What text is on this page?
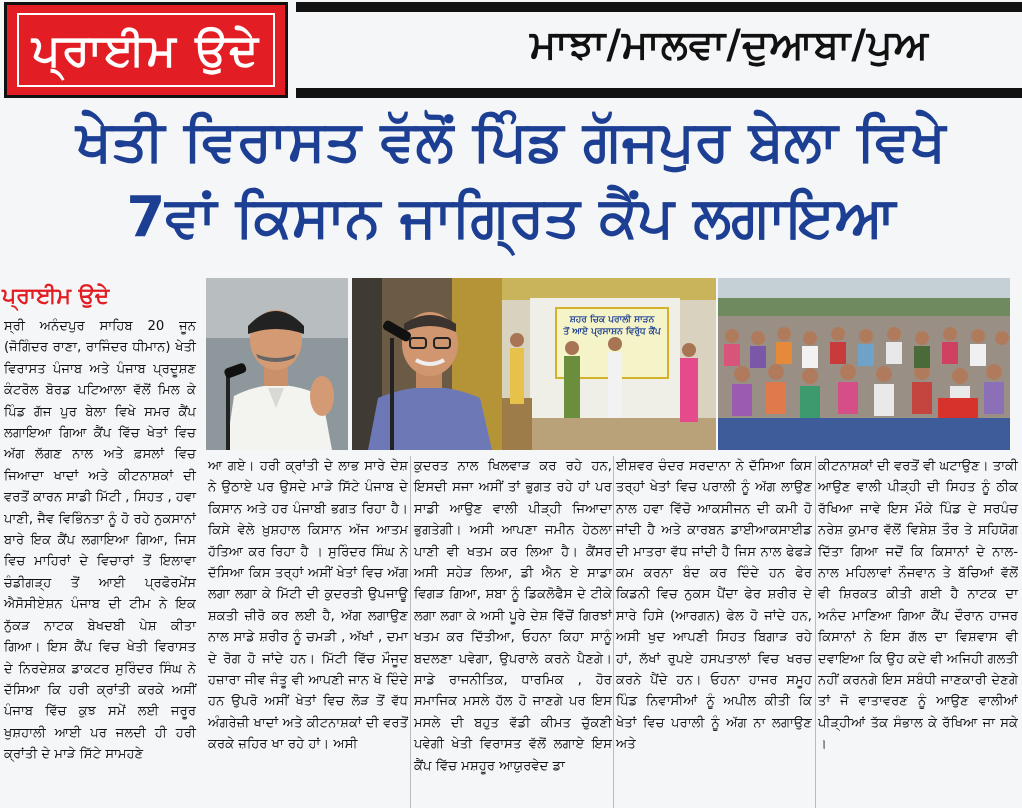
ਪ੍ਰਾਈਮ ਉਦੇ	ਮਾਝਾ/ਮਾਲਵਾ/ਦੁਆਬਾ/ਪੁਅ
ਖੇਤੀ ਵਿਰਾਸਤ ਵੱਲੋਂ ਪਿੰਡ ਗੱਜਪੁਰ ਬੇਲਾ ਵਿਖੇ
7ਵਾਂ ਕਿਸਾਨ ਜਾਗ੍ਰਿਤ ਕੈਂਪ ਲਗਾਇਆ
ਸ਼ਹਰ ਚਿਕ ਪਰਾਲੀ ਸਾੜਨ
ਤੋਂ ਆਏ ਪ੍ਰਸਾਸ਼ਨ ਵਿਰੁੱਧ ਕੈਂਪ
ਪ੍ਰਾਈਮ ਉਦੇ

ਸ੍ਰੀ ਅਨੰਦਪੁਰ ਸਾਹਿਬ 20 ਜੂਨ (ਜੋਗਿੰਦਰ ਰਾਣਾ, ਰਾਜਿੰਦਰ ਧੀਮਾਨ) ਖੇਤੀ ਵਿਰਾਸਤ ਪੰਜਾਬ ਅਤੇ ਪੰਜਾਬ ਪ੍ਰਦੂਸ਼ਣ ਕੰਟਰੋਲ ਬੋਰਡ ਪਟਿਆਲਾ ਵੱਲੋਂ ਮਿਲ ਕੇ ਪਿੰਡ ਗੱਜ ਪੁਰ ਬੇਲਾ ਵਿਖੇ ਸਮਰ ਕੈਂਪ ਲਗਾਇਆ ਗਿਆ ਕੈਂਪ ਵਿੱਚ ਖੇਤਾਂ ਵਿਚ ਅੱਗ ਲੱਗਣ ਨਾਲ ਅਤੇ ਫ਼ਸਲਾਂ ਵਿਚ ਜਿਆਦਾ ਖਾਦਾਂ ਅਤੇ ਕੀਟਨਾਸ਼ਕਾਂ ਦੀ ਵਰਤੋਂ ਕਾਰਨ ਸਾਡੀ ਮਿੱਟੀ , ਸਿਹਤ , ਹਵਾ ਪਾਣੀ, ਜੈਵ ਵਿਭਿੰਨਤਾ ਨੂੰ ਹੋ ਰਹੇ ਨੁਕਸਾਨਾਂ ਬਾਰੇ ਇਕ ਕੈਂਪ ਲਗਾਇਆ ਗਿਆ, ਜਿਸ ਵਿਚ ਮਾਹਿਰਾਂ ਦੇ ਵਿਚਾਰਾਂ ਤੋਂ ਇਲਾਵਾ ਚੰਡੀਗੜ੍ਹ ਤੋਂ ਆਈ ਪ੍ਰਫੋਰਮੇਂਸ ਐਸੋਸੀਏਸ਼ਨ ਪੰਜਾਬ ਦੀ ਟੀਮ ਨੇ ਇਕ ਨੁੱਕੜ ਨਾਟਕ ਬੇਖਦਬੀ ਪੇਸ਼ ਕੀਤਾ ਗਿਆ। ਇਸ ਕੈਂਪ ਵਿਚ ਖੇਤੀ ਵਿਰਾਸਤ ਦੇ ਨਿਰਦੇਸ਼ਕ ਡਾਕਟਰ ਸੁਰਿੰਦਰ ਸਿੰਘ ਨੇ ਦੱਸਿਆ ਕਿ ਹਰੀ ਕ੍ਰਾਂਤੀ ਕਰਕੇ ਅਸੀਂ ਪੰਜਾਬ ਵਿੱਚ ਕੁਝ ਸਮੇਂ ਲਈ ਜਰੂਰ ਖੁਸ਼ਹਾਲੀ ਆਈ ਪਰ ਜਲਦੀ ਹੀ ਹਰੀ ਕ੍ਰਾਂਤੀ ਦੇ ਮਾੜੇ ਸਿੱਟੇ ਸਾਮਹਣੇ

ਆ ਗਏ। ਹਰੀ ਕ੍ਰਾਂਤੀ ਦੇ ਲਾਭ ਸਾਰੇ ਦੇਸ਼ ਨੇ ਉਠਾਏ ਪਰ ਉਸਦੇ ਮਾੜੇ ਸਿੱਟੇ ਪੰਜਾਬ ਦੇ ਕਿਸਾਨ ਅਤੇ ਹਰ ਪੰਜਾਬੀ ਭਗਤ ਰਿਹਾ ਹੈ। ਕਿਸੇ ਵੇਲੇ ਖ਼ੁਸ਼ਹਾਲ ਕਿਸਾਨ ਅੱਜ ਆਤਮ ਹੱਤਿਆ ਕਰ ਰਿਹਾ ਹੈ । ਸੁਰਿੰਦਰ ਸਿੰਘ ਨੇ ਦੱਸਿਆ ਕਿਸ ਤਰ੍ਹਾਂ ਅਸੀਂ ਖੇਤਾਂ ਵਿਚ ਅੱਗ ਲਗਾ ਲਗਾ ਕੇ ਮਿੱਟੀ ਦੀ ਕੁਦਰਤੀ ਉਪਜਾਊ ਸ਼ਕਤੀ ਜ਼ੀਰੋ ਕਰ ਲਈ ਹੈ, ਅੱਗ ਲਗਾਉਣ ਨਾਲ ਸਾਡੇ ਸ਼ਰੀਰ ਨੂੰ ਚਮੜੀ , ਅੱਖਾਂ , ਦਮਾ ਦੇ ਰੋਗ ਹੋ ਜਾਂਦੇ ਹਨ। ਮਿੱਟੀ ਵਿੱਚ ਮੌਜੂਦ ਹਜ਼ਾਰਾ ਜੀਵ ਜੰਤੂ ਵੀ ਆਪਣੀ ਜਾਨ ਖੋ ਦਿੰਦੇ ਹਨ ਉਪਰੋ ਅਸੀਂ ਖੇਤਾਂ ਵਿਚ ਲੋੜ ਤੋਂ ਵੱਧ ਅੰਗਰੇਜ਼ੀ ਖਾਦਾਂ ਅਤੇ ਕੀਟਨਾਸ਼ਕਾਂ ਦੀ ਵਰਤੋਂ ਕਰਕੇ ਜ਼ਹਿਰ ਖਾ ਰਹੇ ਹਾਂ। ਅਸੀ

ਕੁਦਰਤ ਨਾਲ ਖਿਲਵਾੜ ਕਰ ਰਹੇ ਹਨ, ਇਸਦੀ ਸਜਾ ਅਸੀਂ ਤਾਂ ਭੁਗਤ ਰਹੇ ਹਾਂ ਪਰ ਸਾਡੀ ਆਉਣ ਵਾਲੀ ਪੀੜ੍ਹੀ ਜਿਆਦਾ ਭੁਗਤੇਗੀ। ਅਸੀ ਆਪਣਾ ਜਮੀਨ ਹੇਠਲਾ ਪਾਣੀ ਵੀ ਖਤਮ ਕਰ ਲਿਆ ਹੈ। ਕੈਂਸਰ ਅਸੀ ਸਹੇੜ ਲਿਆ, ਡੀ ਐਨ ਏ ਸਾਡਾ ਵਿਗੜ ਗਿਆ, ਸ਼ਬਾ ਨੂੰ ਡਿਕਲੋਫੈਸ ਦੇ ਟੀਕੇ ਲਗਾ ਲਗਾ ਕੇ ਅਸੀ ਪੂਰੇ ਦੇਸ਼ ਵਿੱਚੋਂ ਗਿਰਝਾਂ ਖਤਮ ਕਰ ਦਿੱਤੀਆ, ਓਹਨਾ ਕਿਹਾ ਸਾਨੂੰ ਬਦਲਣਾ ਪਵੇਗਾ, ਉਪਰਾਲੇ ਕਰਨੇ ਪੈਣਗੇ। ਸਾਡੇ ਰਾਜਨੀਤਿਕ, ਧਾਰਮਿਕ , ਹੋਰ ਸਮਾਜਿਕ ਮਸਲੇ ਹੱਲ ਹੋ ਜਾਣਗੇ ਪਰ ਇਸ ਮਸਲੇ ਦੀ ਬਹੁਤ ਵੱਡੀ ਕੀਮਤ ਚੁੱਕਣੀ ਪਵੇਗੀ ਖੇਤੀ ਵਿਰਾਸਤ ਵੱਲੋਂ ਲਗਾਏ ਇਸ ਕੈਂਪ ਵਿੱਚ ਮਸ਼ਹੂਰ ਆਯੁਰਵੇਦ ਡਾ

ਈਸ਼ਵਰ ਚੰਦਰ ਸਰਦਾਨਾ ਨੇ ਦੱਸਿਆ ਕਿਸ ਤਰ੍ਹਾਂ ਖੇਤਾਂ ਵਿਚ ਪਰਾਲੀ ਨੂੰ ਅੱਗ ਲਾਉਣ ਨਾਲ ਹਵਾ ਵਿੱਚੋ ਆਕਸੀਜਨ ਦੀ ਕਮੀ ਹੋ ਜਾਂਦੀ ਹੈ ਅਤੇ ਕਾਰਬਨ ਡਾਈਆਕਸਾਈਡ ਦੀ ਮਾਤਰਾ ਵੱਧ ਜਾਂਦੀ ਹੈ ਜਿਸ ਨਾਲ ਫੇਫੜੇ ਕਮ ਕਰਨਾ ਬੰਦ ਕਰ ਦਿੰਦੇ ਹਨ ਫੇਰ ਕਿਡਨੀ ਵਿਚ ਨੁਕਸ ਪੈਂਦਾ ਫੇਰ ਸ਼ਰੀਰ ਦੇ ਸਾਰੇ ਹਿਸੇ (ਆਰਗਨ) ਫੇਲ ਹੋ ਜਾਂਦੇ ਹਨ, ਅਸੀ ਖੁਦ ਆਪਣੀ ਸਿਹਤ ਬਿਗਾੜ ਰਹੇ ਹਾਂ, ਲੱਖਾਂ ਰੁਪਏ ਹਸਪਤਾਲਾਂ ਵਿਚ ਖਰਚ ਕਰਨੇ ਪੈਂਦੇ ਹਨ। ਓਹਨਾ ਹਾਜਰ ਸਮੂਹ ਪਿੰਡ ਨਿਵਾਸੀਆਂ ਨੂੰ ਅਪੀਲ ਕੀਤੀ ਕਿ ਖੇਤਾਂ ਵਿਚ ਪਰਾਲੀ ਨੂੰ ਅੱਗ ਨਾ ਲਗਾਉਣ ਅਤੇ

ਕੀਟਨਾਸ਼ਕਾਂ ਦੀ ਵਰਤੋਂ ਵੀ ਘਟਾਉਣ। ਤਾਕੀ ਆਉਣ ਵਾਲੀ ਪੀੜ੍ਹੀ ਦੀ ਸਿਹਤ ਨੂੰ ਠੀਕ ਰੱਖਿਆ ਜਾਵੇ ਇਸ ਮੌਕੇ ਪਿੰਡ ਦੇ ਸਰਪੰਚ ਨਰੇਸ਼ ਕੁਮਾਰ ਵੱਲੋਂ ਵਿਸ਼ੇਸ਼ ਤੌਰ ਤੇ ਸਹਿਯੋਗ ਦਿੱਤਾ ਗਿਆ ਜਦੋਂ ਕਿ ਕਿਸਾਨਾਂ ਦੇ ਨਾਲ-ਨਾਲ ਮਹਿਲਾਵਾਂ ਨੌਜਵਾਨ ਤੇ ਬੱਚਿਆਂ ਵੱਲੋਂ ਵੀ ਸ਼ਿਰਕਤ ਕੀਤੀ ਗਈ ਹੈ ਨਾਟਕ ਦਾ ਅਨੰਦ ਮਾਣਿਆ ਗਿਆ ਕੈਂਪ ਦੌਰਾਨ ਹਾਜਰ ਕਿਸਾਨਾਂ ਨੇ ਇਸ ਗੱਲ ਦਾ ਵਿਸ਼ਵਾਸ ਵੀ ਦਵਾਇਆ ਕਿ ਉਹ ਕਦੇ ਵੀ ਅਜਿਹੀ ਗਲਤੀ ਨਹੀਂ ਕਰਨਗੇ ਇਸ ਸਬੰਧੀ ਜਾਣਕਾਰੀ ਦੇਣਗੇ ਤਾਂ ਜੋ ਵਾਤਾਵਰਣ ਨੂੰ ਆਉਣ ਵਾਲੀਆਂ ਪੀੜ੍ਹੀਆਂ ਤੱਕ ਸੰਭਾਲ ਕੇ ਰੱਖਿਆ ਜਾ ਸਕੇ ।
